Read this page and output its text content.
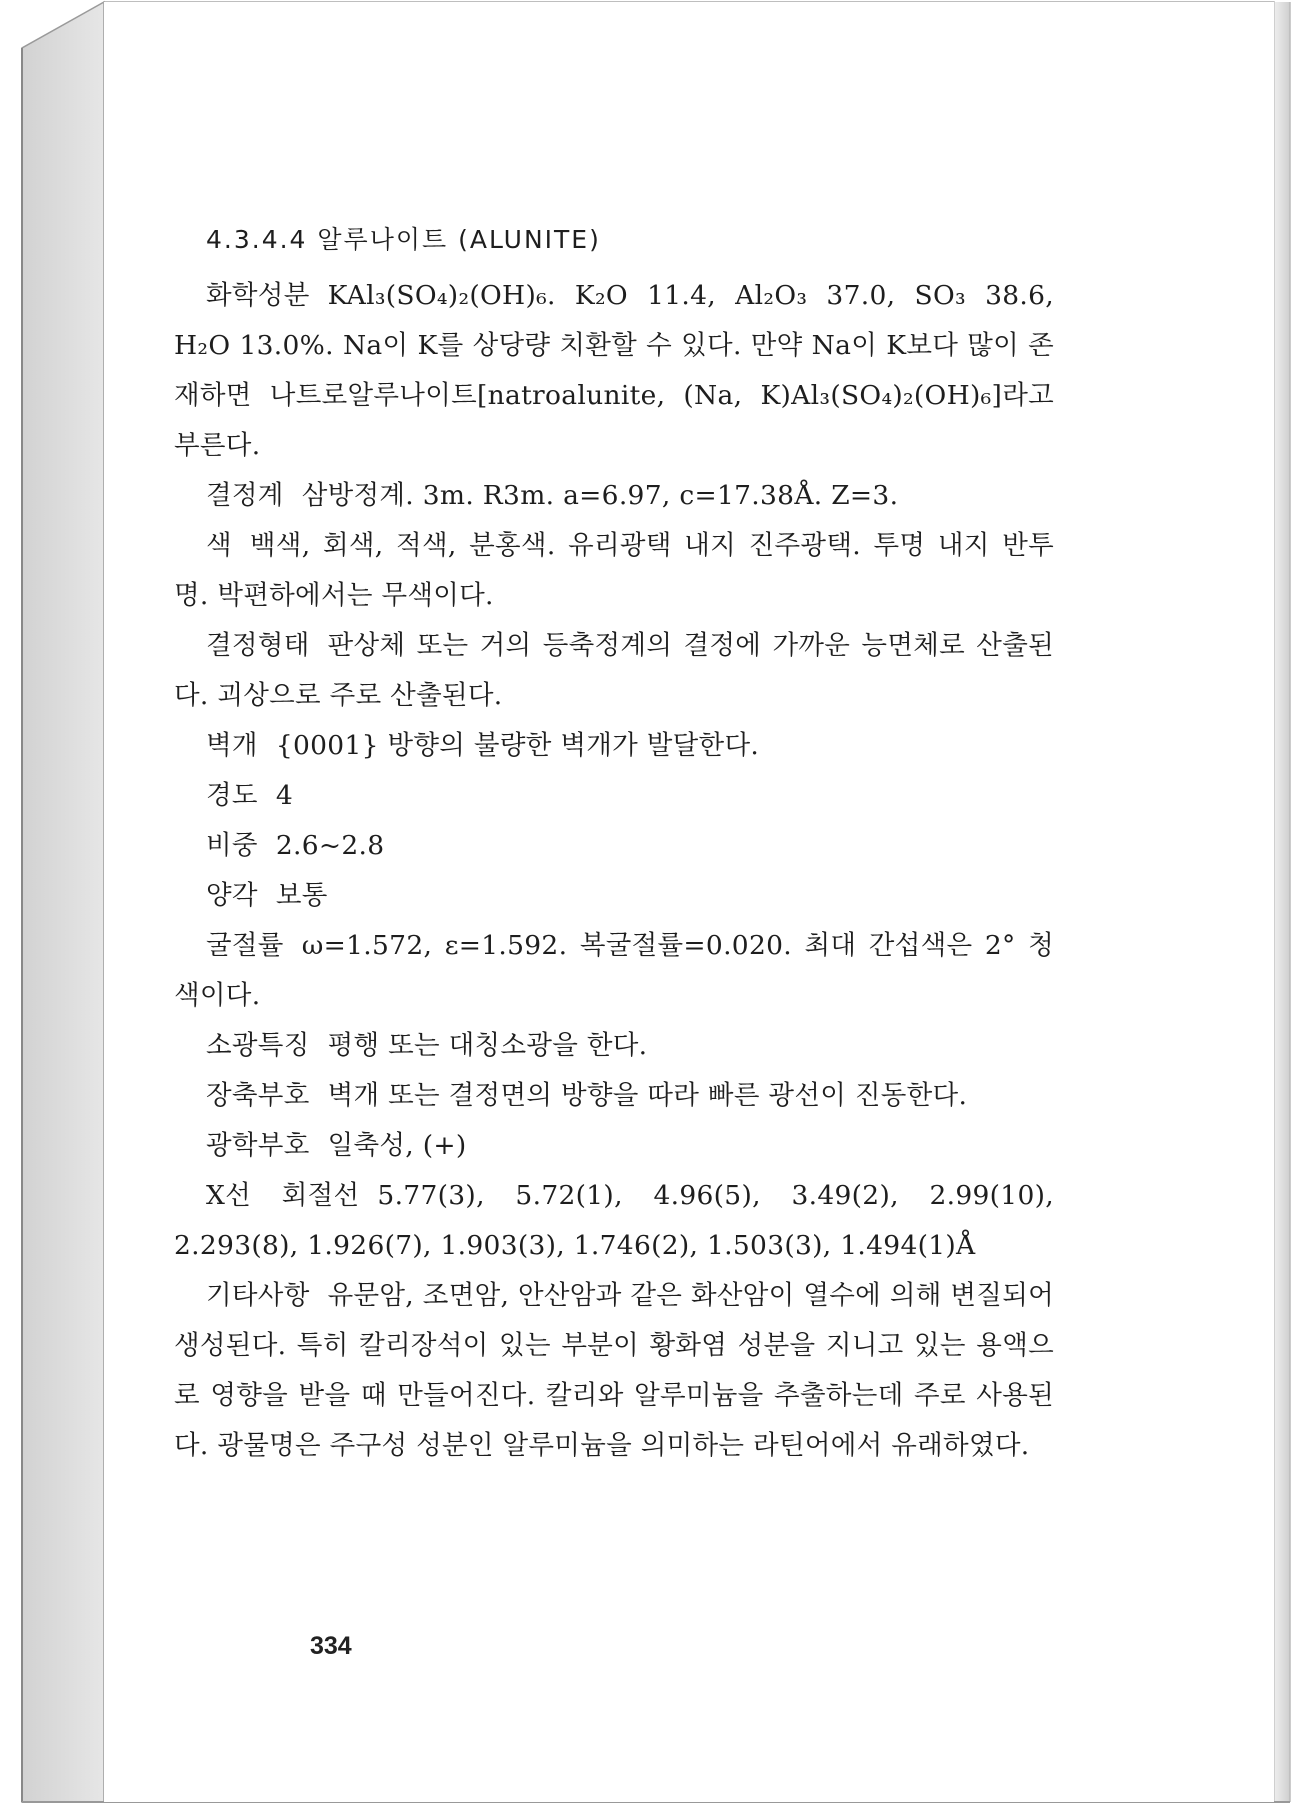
4.3.4.4 알루나이트 (ALUNITE)

화학성분 KAl₃(SO₄)₂(OH)₆. K₂O 11.4, Al₂O₃ 37.0, SO₃ 38.6, H₂O 13.0%. Na이 K를 상당량 치환할 수 있다. 만약 Na이 K보다 많이 존재하면 나트로알루나이트[natroalunite, (Na, K)Al₃(SO₄)₂(OH)₆]라고 부른다.

결정계 삼방정계. 3m. R3m. a=6.97, c=17.38Å. Z=3.

색 백색, 회색, 적색, 분홍색. 유리광택 내지 진주광택. 투명 내지 반투명. 박편하에서는 무색이다.

결정형태 판상체 또는 거의 등축정계의 결정에 가까운 능면체로 산출된다. 괴상으로 주로 산출된다.

벽개 {0001} 방향의 불량한 벽개가 발달한다.

경도 4

비중 2.6~2.8

양각 보통

굴절률 ω=1.572, ε=1.592. 복굴절률=0.020. 최대 간섭색은 2° 청색이다.

소광특징 평행 또는 대칭소광을 한다.

장축부호 벽개 또는 결정면의 방향을 따라 빠른 광선이 진동한다.

광학부호 일축성, (+)

X선 회절선 5.77(3), 5.72(1), 4.96(5), 3.49(2), 2.99(10), 2.293(8), 1.926(7), 1.903(3), 1.746(2), 1.503(3), 1.494(1)Å

기타사항 유문암, 조면암, 안산암과 같은 화산암이 열수에 의해 변질되어 생성된다. 특히 칼리장석이 있는 부분이 황화염 성분을 지니고 있는 용액으로 영향을 받을 때 만들어진다. 칼리와 알루미늄을 추출하는데 주로 사용된다. 광물명은 주구성 성분인 알루미늄을 의미하는 라틴어에서 유래하였다.

334
